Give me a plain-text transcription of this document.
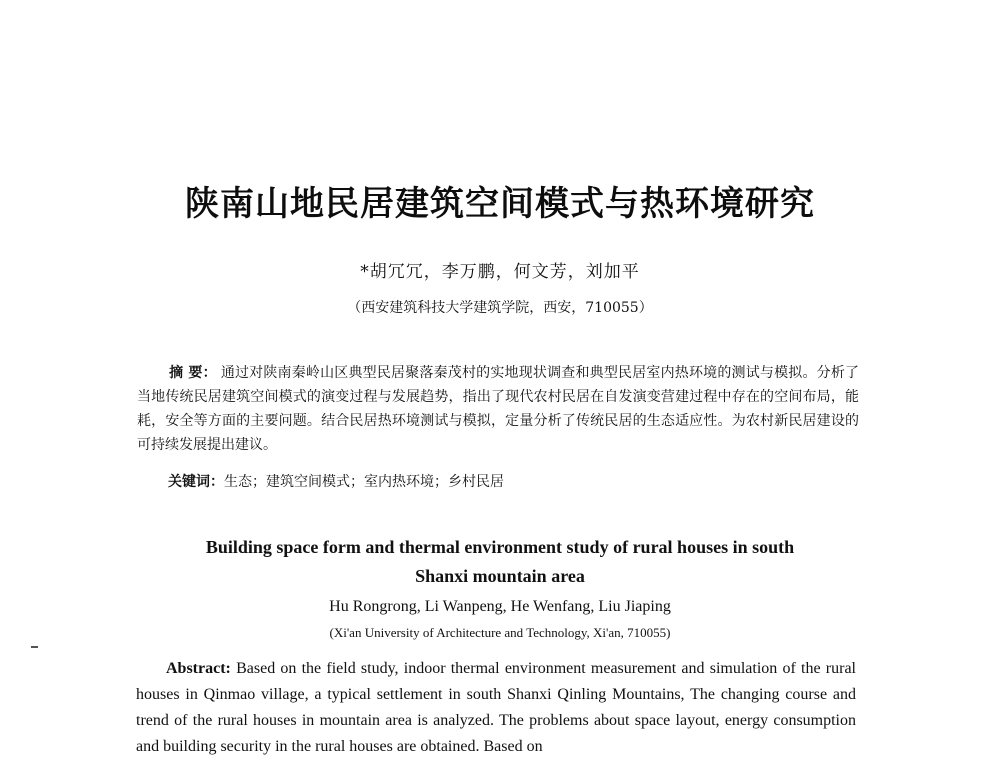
陕南山地民居建筑空间模式与热环境研究
*胡冗冗，李万鹏，何文芳，刘加平
（西安建筑科技大学建筑学院，西安，710055）
摘 要： 通过对陕南秦岭山区典型民居聚落秦茂村的实地现状调查和典型民居室内热环境的测试与模拟。分析了当地传统民居建筑空间模式的演变过程与发展趋势，指出了现代农村民居在自发演变营建过程中存在的空间布局，能耗，安全等方面的主要问题。结合民居热环境测试与模拟，定量分析了传统民居的生态适应性。为农村新民居建设的可持续发展提出建议。
关键词：生态；建筑空间模式；室内热环境；乡村民居
Building space form and thermal environment study of rural houses in south
Shanxi mountain area
Hu Rongrong, Li Wanpeng, He Wenfang, Liu Jiaping
(Xi'an University of Architecture and Technology, Xi'an, 710055)
Abstract: Based on the field study, indoor thermal environment measurement and simulation of the rural houses in Qinmao village, a typical settlement in south Shanxi Qinling Mountains, The changing course and trend of the rural houses in mountain area is analyzed. The problems about space layout, energy consumption and building security in the rural houses are obtained. Based on
